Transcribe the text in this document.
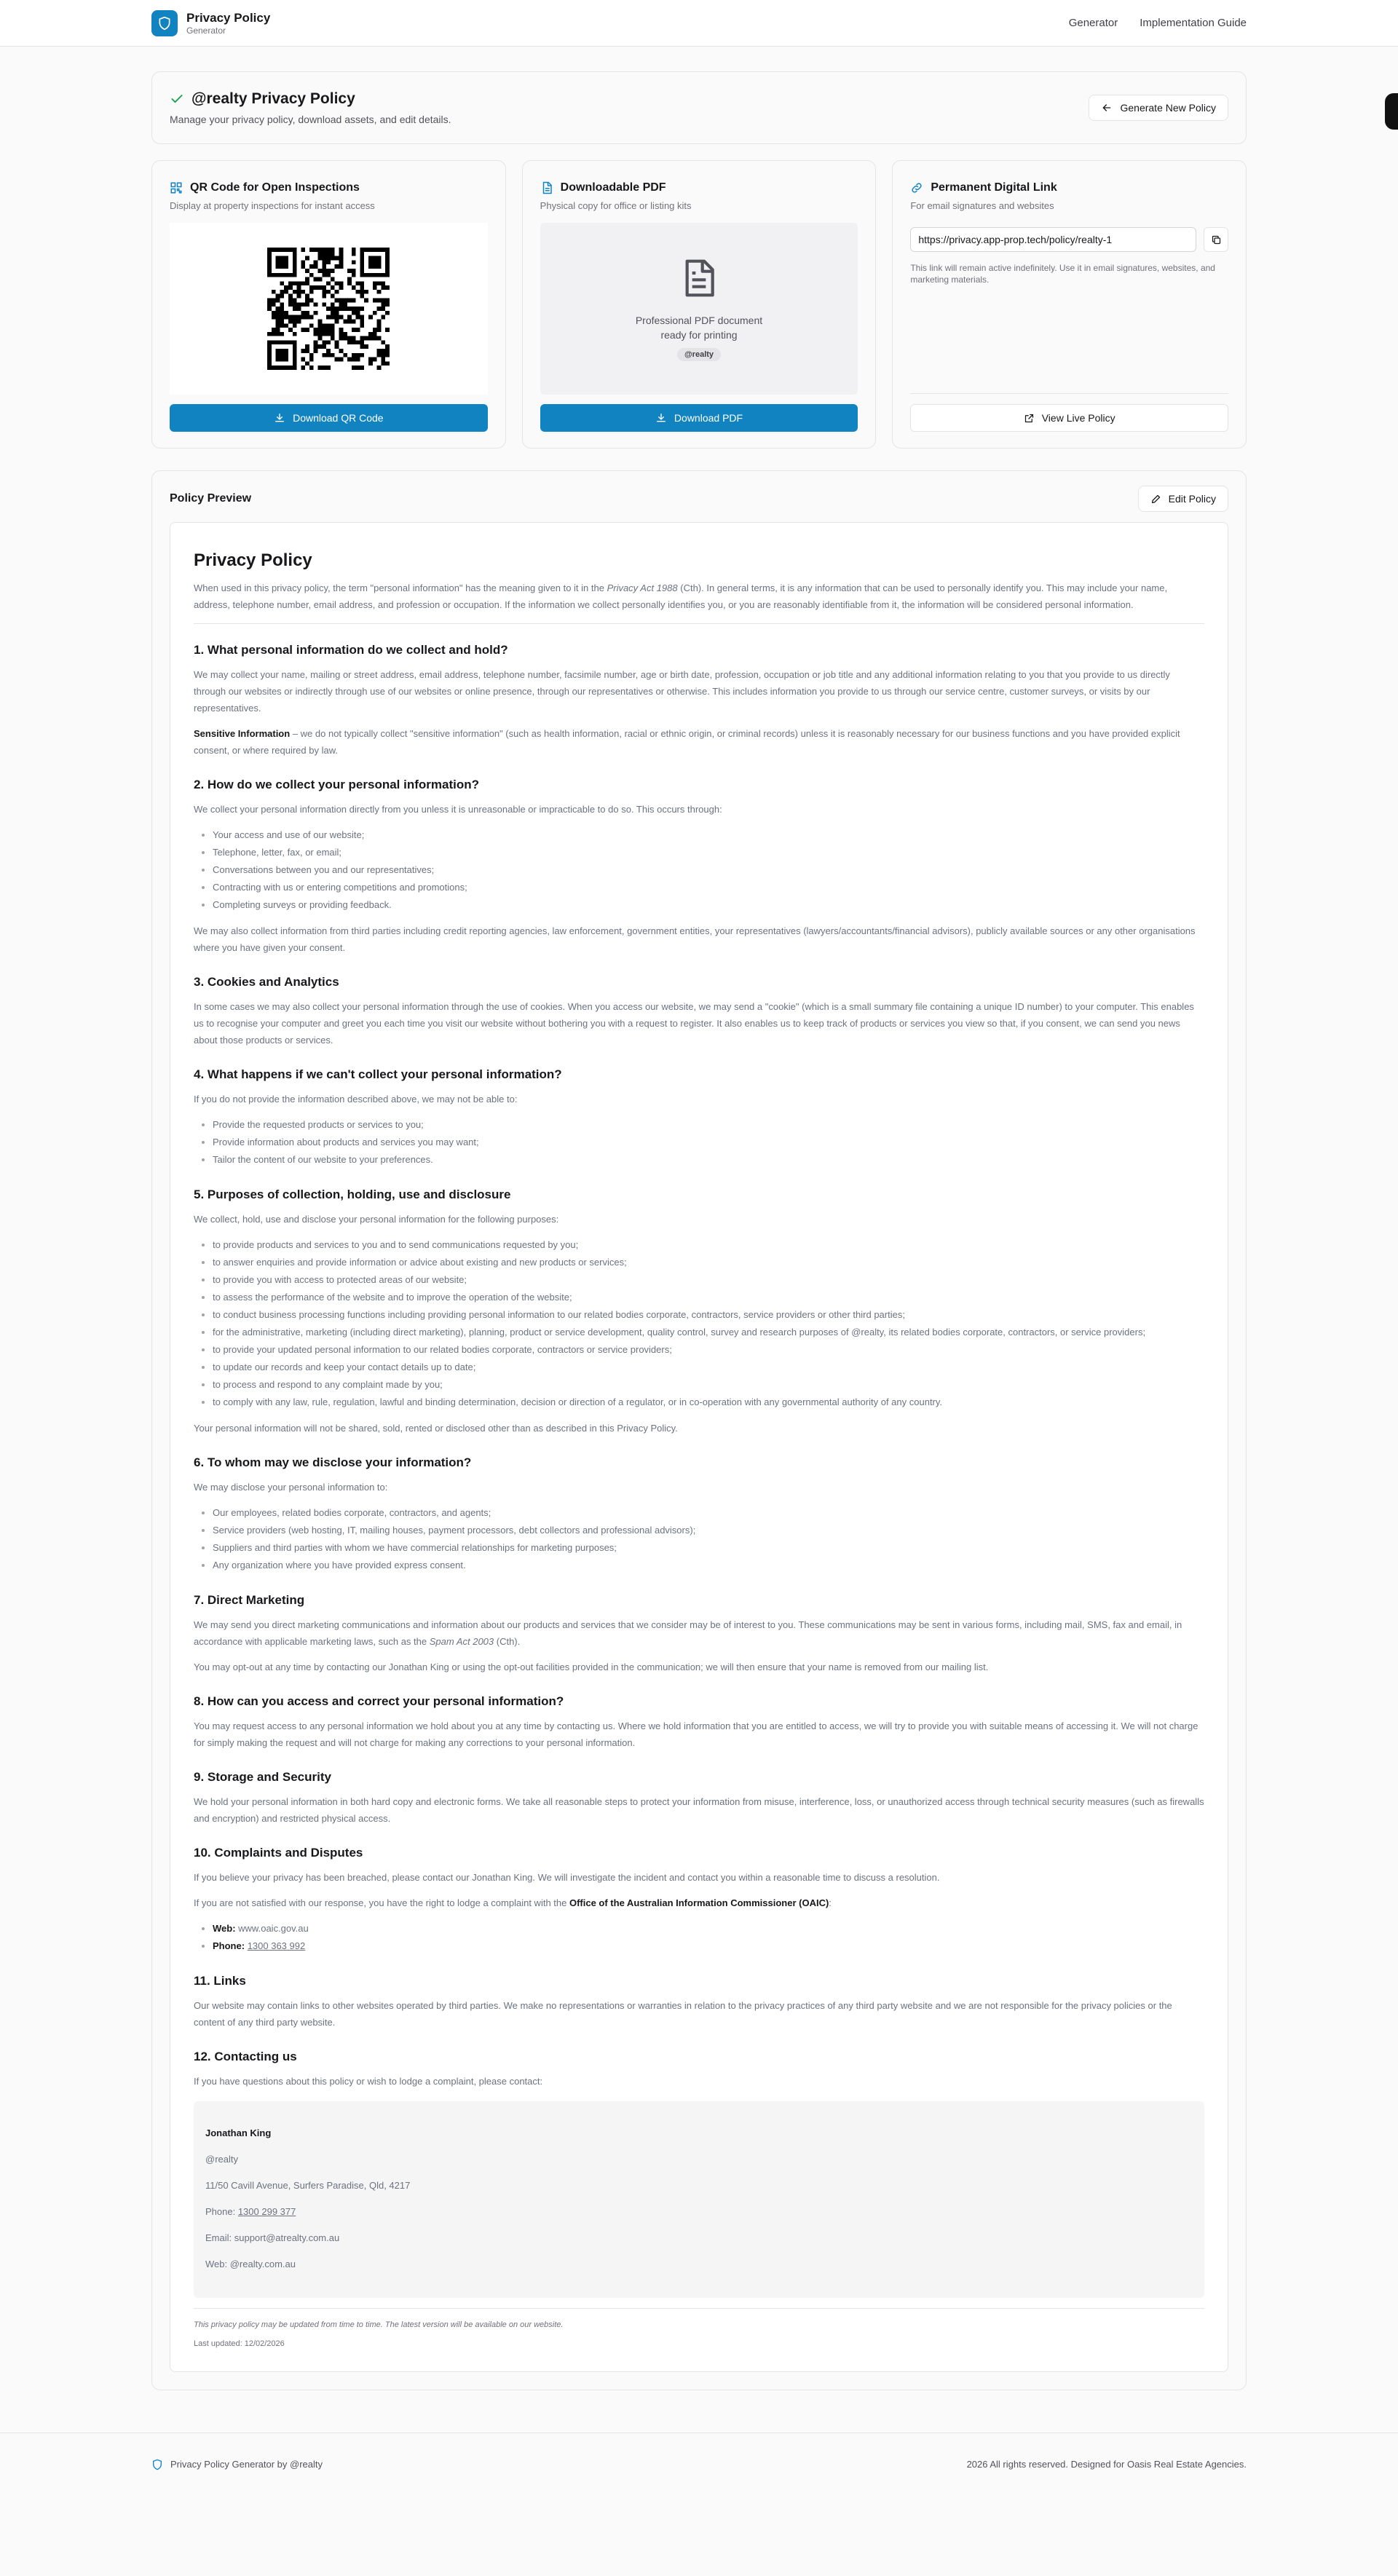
Privacy Policy
Generator
Generator Implementation Guide
@realty Privacy Policy
Manage your privacy policy, download assets, and edit details.
Generate New Policy
QR Code for Open Inspections
Display at property inspections for instant access
Download QR Code
Downloadable PDF
Physical copy for office or listing kits
Professional PDF document
ready for printing
@realty
Download PDF
Permanent Digital Link
For email signatures and websites
https://privacy.app-prop.tech/policy/realty-1
This link will remain active indefinitely. Use it in email signatures, websites, and marketing materials.
View Live Policy
Policy Preview	Edit Policy
Privacy Policy

When used in this privacy policy, the term "personal information" has the meaning given to it in the Privacy Act 1988 (Cth). In general terms, it is any information that can be used to personally identify you. This may include your name, address, telephone number, email address, and profession or occupation. If the information we collect personally identifies you, or you are reasonably identifiable from it, the information will be considered personal information.

1. What personal information do we collect and hold?

We may collect your name, mailing or street address, email address, telephone number, facsimile number, age or birth date, profession, occupation or job title and any additional information relating to you that you provide to us directly through our websites or indirectly through use of our websites or online presence, through our representatives or otherwise. This includes information you provide to us through our service centre, customer surveys, or visits by our representatives.

Sensitive Information – we do not typically collect "sensitive information" (such as health information, racial or ethnic origin, or criminal records) unless it is reasonably necessary for our business functions and you have provided explicit consent, or where required by law.

2. How do we collect your personal information?

We collect your personal information directly from you unless it is unreasonable or impracticable to do so. This occurs through:

• Your access and use of our website;
• Telephone, letter, fax, or email;
• Conversations between you and our representatives;
• Contracting with us or entering competitions and promotions;
• Completing surveys or providing feedback.

We may also collect information from third parties including credit reporting agencies, law enforcement, government entities, your representatives (lawyers/accountants/financial advisors), publicly available sources or any other organisations where you have given your consent.

3. Cookies and Analytics

In some cases we may also collect your personal information through the use of cookies. When you access our website, we may send a "cookie" (which is a small summary file containing a unique ID number) to your computer. This enables us to recognise your computer and greet you each time you visit our website without bothering you with a request to register. It also enables us to keep track of products or services you view so that, if you consent, we can send you news about those products or services.

4. What happens if we can't collect your personal information?

If you do not provide the information described above, we may not be able to:

• Provide the requested products or services to you;
• Provide information about products and services you may want;
• Tailor the content of our website to your preferences.
5. Purposes of collection, holding, use and disclosure

We collect, hold, use and disclose your personal information for the following purposes:

• to provide products and services to you and to send communications requested by you;
• to answer enquiries and provide information or advice about existing and new products or services;
• to provide you with access to protected areas of our website;
• to assess the performance of the website and to improve the operation of the website;
• to conduct business processing functions including providing personal information to our related bodies corporate, contractors, service providers or other third parties;
• for the administrative, marketing (including direct marketing), planning, product or service development, quality control, survey and research purposes of @realty, its related bodies corporate, contractors, or service providers;
• to provide your updated personal information to our related bodies corporate, contractors or service providers;
• to update our records and keep your contact details up to date;
• to process and respond to any complaint made by you;
• to comply with any law, rule, regulation, lawful and binding determination, decision or direction of a regulator, or in co-operation with any governmental authority of any country.

Your personal information will not be shared, sold, rented or disclosed other than as described in this Privacy Policy.

6. To whom may we disclose your information?

We may disclose your personal information to:

• Our employees, related bodies corporate, contractors, and agents;
• Service providers (web hosting, IT, mailing houses, payment processors, debt collectors and professional advisors);
• Suppliers and third parties with whom we have commercial relationships for marketing purposes;
• Any organization where you have provided express consent.
7. Direct Marketing

We may send you direct marketing communications and information about our products and services that we consider may be of interest to you. These communications may be sent in various forms, including mail, SMS, fax and email, in accordance with applicable marketing laws, such as the Spam Act 2003 (Cth).

You may opt-out at any time by contacting our Jonathan King or using the opt-out facilities provided in the communication; we will then ensure that your name is removed from our mailing list.

8. How can you access and correct your personal information?

You may request access to any personal information we hold about you at any time by contacting us. Where we hold information that you are entitled to access, we will try to provide you with suitable means of accessing it. We will not charge for simply making the request and will not charge for making any corrections to your personal information.

9. Storage and Security

We hold your personal information in both hard copy and electronic forms. We take all reasonable steps to protect your information from misuse, interference, loss, or unauthorized access through technical security measures (such as firewalls and encryption) and restricted physical access.

10. Complaints and Disputes

If you believe your privacy has been breached, please contact our Jonathan King. We will investigate the incident and contact you within a reasonable time to discuss a resolution.

If you are not satisfied with our response, you have the right to lodge a complaint with the Office of the Australian Information Commissioner (OAIC):

• Web: www.oaic.gov.au
• Phone: 1300 363 992
11. Links

Our website may contain links to other websites operated by third parties. We make no representations or warranties in relation to the privacy practices of any third party website and we are not responsible for the privacy policies or the content of any third party website.

12. Contacting us

If you have questions about this policy or wish to lodge a complaint, please contact:

Jonathan King
@realty
11/50 Cavill Avenue, Surfers Paradise, Qld, 4217
Phone: 1300 299 377
Email: support@atrealty.com.au
Web: @realty.com.au
This privacy policy may be updated from time to time. The latest version will be available on our website.
Last updated: 12/02/2026
Privacy Policy Generator by @realty	2026 All rights reserved. Designed for Oasis Real Estate Agencies.
